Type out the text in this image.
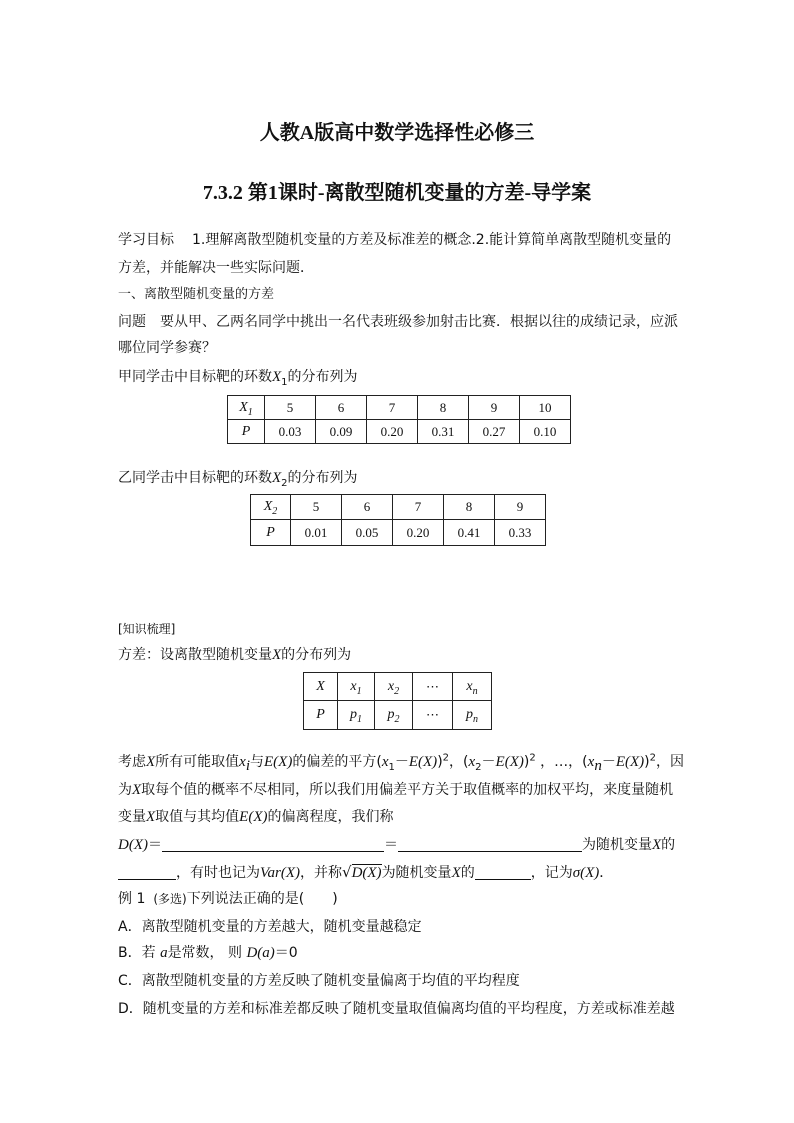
人教A版高中数学选择性必修三
7.3.2 第1课时-离散型随机变量的方差-导学案
学习目标 1.理解离散型随机变量的方差及标准差的概念.2.能计算简单离散型随机变量的
方差，并能解决一些实际问题．
一、离散型随机变量的方差
问题 要从甲、乙两名同学中挑出一名代表班级参加射击比赛．根据以往的成绩记录，应派
哪位同学参赛？
甲同学击中目标靶的环数$X_1$的分布列为
$X_1$	5	6	7	8	9	10
P	0.03	0.09	0.20	0.31	0.27	0.10
乙同学击中目标靶的环数$X_2$的分布列为
$X_2$	5	6	7	8	9
P	0.01	0.05	0.20	0.41	0.33
[知识梳理]
方差：设离散型随机变量X的分布列为
X	$x_1$	$x_2$	⋯	$x_n$
P	$p_1$	$p_2$	⋯	$p_n$
考虑X所有可能取值$x_i$与E(X)的偏差的平方$(x_1-E(X))^2$，$(x_2-E(X))^2$ ，…，$(x_n-E(X))^2$，因
为X取每个值的概率不尽相同，所以我们用偏差平方关于取值概率的加权平均，来度量随机
变量X取值与其均值E(X)的偏离程度，我们称
D(X)＝	＝	为随机变量X的
，有时也记为Var(X)，并称√D(X)为随机变量X的	，记为σ(X)．
例 1 (多选)下列说法正确的是(　　)
A．离散型随机变量的方差越大，随机变量越稳定
B．若 a是常数， 则 D(a)＝0
C．离散型随机变量的方差反映了随机变量偏离于均值的平均程度
D．随机变量的方差和标准差都反映了随机变量取值偏离均值的平均程度，方差或标准差越
